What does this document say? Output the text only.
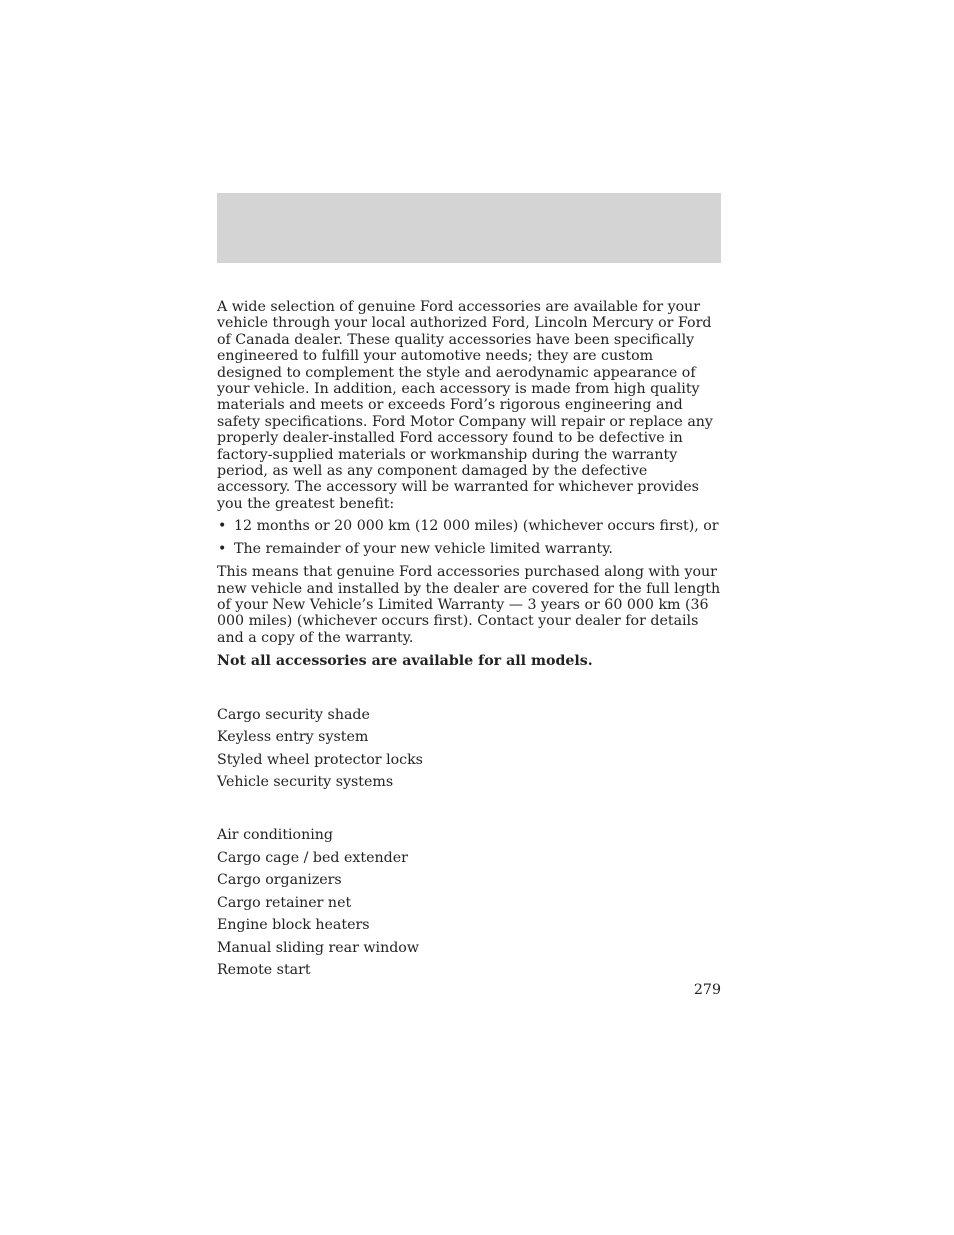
A wide selection of genuine Ford accessories are available for your vehicle through your local authorized Ford, Lincoln Mercury or Ford of Canada dealer. These quality accessories have been specifically engineered to fulfill your automotive needs; they are custom designed to complement the style and aerodynamic appearance of your vehicle. In addition, each accessory is made from high quality materials and meets or exceeds Ford’s rigorous engineering and safety specifications. Ford Motor Company will repair or replace any properly dealer-installed Ford accessory found to be defective in factory-supplied materials or workmanship during the warranty period, as well as any component damaged by the defective accessory. The accessory will be warranted for whichever provides you the greatest benefit:

• 12 months or 20 000 km (12 000 miles) (whichever occurs first), or
• The remainder of your new vehicle limited warranty.

This means that genuine Ford accessories purchased along with your new vehicle and installed by the dealer are covered for the full length of your New Vehicle’s Limited Warranty — 3 years or 60 000 km (36 000 miles) (whichever occurs first). Contact your dealer for details and a copy of the warranty.

Not all accessories are available for all models.

Cargo security shade
Keyless entry system
Styled wheel protector locks
Vehicle security systems
Air conditioning
Cargo cage / bed extender
Cargo organizers
Cargo retainer net
Engine block heaters
Manual sliding rear window
Remote start
279
